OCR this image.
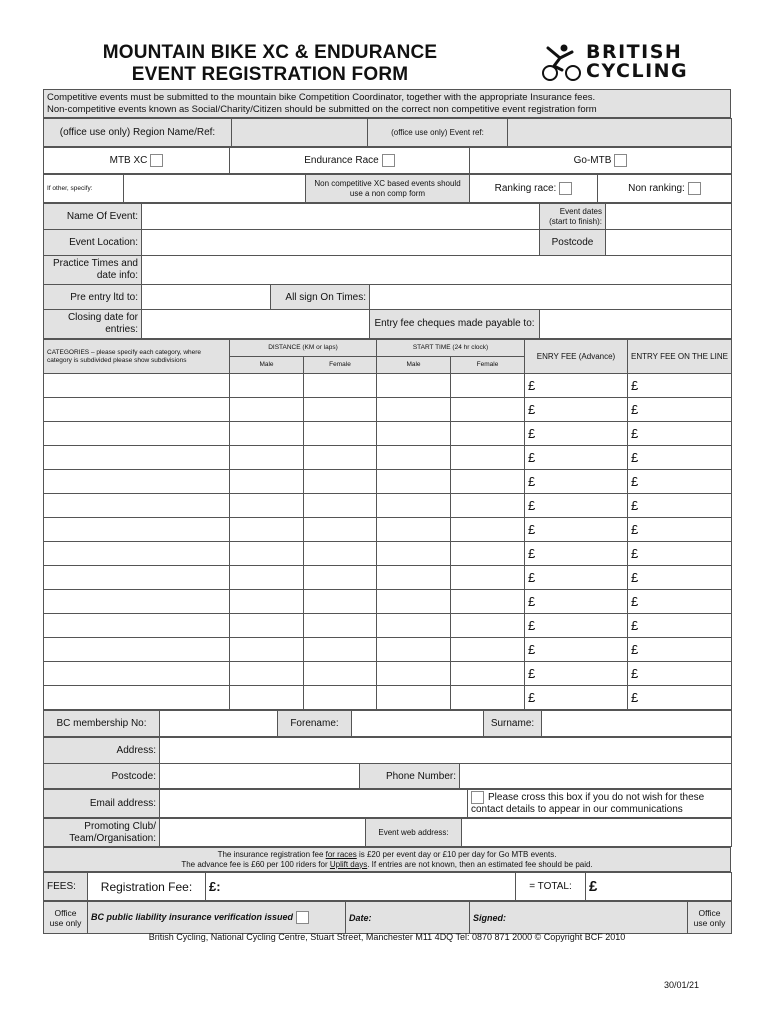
MOUNTAIN BIKE XC & ENDURANCE
EVENT REGISTRATION FORM
BRITISH
CYCLING
Competitive events must be submitted to the mountain bike Competition Coordinator, together with the appropriate Insurance fees.
Non-competitive events known as Social/Charity/Citizen should be submitted on the correct non competitive event registration form
(office use only) Region Name/Ref:		(office use only) Event ref:	
MTB XC	Endurance Race	Go-MTB
If other, specify:		Non competitive XC based events should use a non comp form	Ranking race:	Non ranking:
Name Of Event:				Event dates (start to finish):	
Event Location:				Postcode	
Practice Times and date info:					
Pre entry ltd to:		All sign On Times:			
Closing date for entries:			Entry fee cheques made payable to:		
CATEGORIES – please specify each category, where category is subdivided please show subdivisions	DISTANCE (KM or laps)		START TIME (24 hr clock)		ENRY FEE (Advance)	ENTRY FEE ON THE LINE
	Male	Female	Male	Female		
					£	£
					£	£
					£	£
					£	£
					£	£
					£	£
					£	£
					£	£
					£	£
					£	£
					£	£
					£	£
					£	£
					£	£
BC membership No:		Forename:		Surname:	
Address:			
Postcode:		Phone Number:	
Email address:		Please cross this box if you do not wish for these contact details to appear in our communications
Promoting Club/ Team/Organisation:		Event web address:	
The insurance registration fee for races is £20 per event day or £10 per day for Go MTB events.
The advance fee is £60 per 100 riders for Uplift days. If entries are not known, then an estimated fee should be paid.
FEES:	Registration Fee:	£:	= TOTAL:	£
Office use only	BC public liability insurance verification issued	Date:	Signed:	Office use only
British Cycling, National Cycling Centre, Stuart Street, Manchester M11 4DQ Tel: 0870 871 2000 © Copyright BCF 2010
30/01/21
